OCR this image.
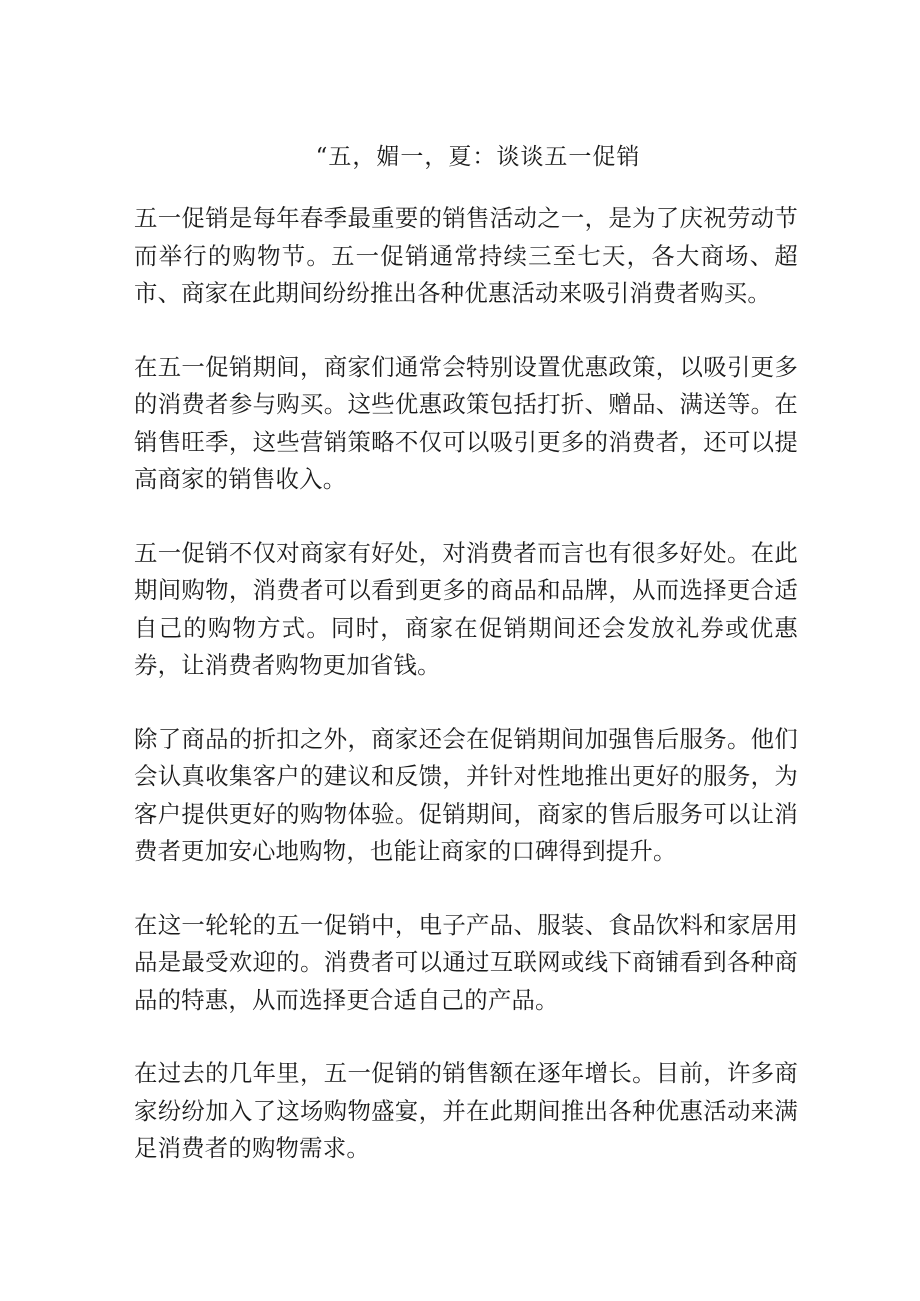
“五，媚一，夏：谈谈五一促销

五一促销是每年春季最重要的销售活动之一，是为了庆祝劳动节而举行的购物节。五一促销通常持续三至七天，各大商场、超市、商家在此期间纷纷推出各种优惠活动来吸引消费者购买。

在五一促销期间，商家们通常会特别设置优惠政策，以吸引更多的消费者参与购买。这些优惠政策包括打折、赠品、满送等。在销售旺季，这些营销策略不仅可以吸引更多的消费者，还可以提高商家的销售收入。

五一促销不仅对商家有好处，对消费者而言也有很多好处。在此期间购物，消费者可以看到更多的商品和品牌，从而选择更合适自己的购物方式。同时，商家在促销期间还会发放礼券或优惠券，让消费者购物更加省钱。

除了商品的折扣之外，商家还会在促销期间加强售后服务。他们会认真收集客户的建议和反馈，并针对性地推出更好的服务，为客户提供更好的购物体验。促销期间，商家的售后服务可以让消费者更加安心地购物，也能让商家的口碑得到提升。

在这一轮轮的五一促销中，电子产品、服装、食品饮料和家居用品是最受欢迎的。消费者可以通过互联网或线下商铺看到各种商品的特惠，从而选择更合适自己的产品。

在过去的几年里，五一促销的销售额在逐年增长。目前，许多商家纷纷加入了这场购物盛宴，并在此期间推出各种优惠活动来满足消费者的购物需求。
